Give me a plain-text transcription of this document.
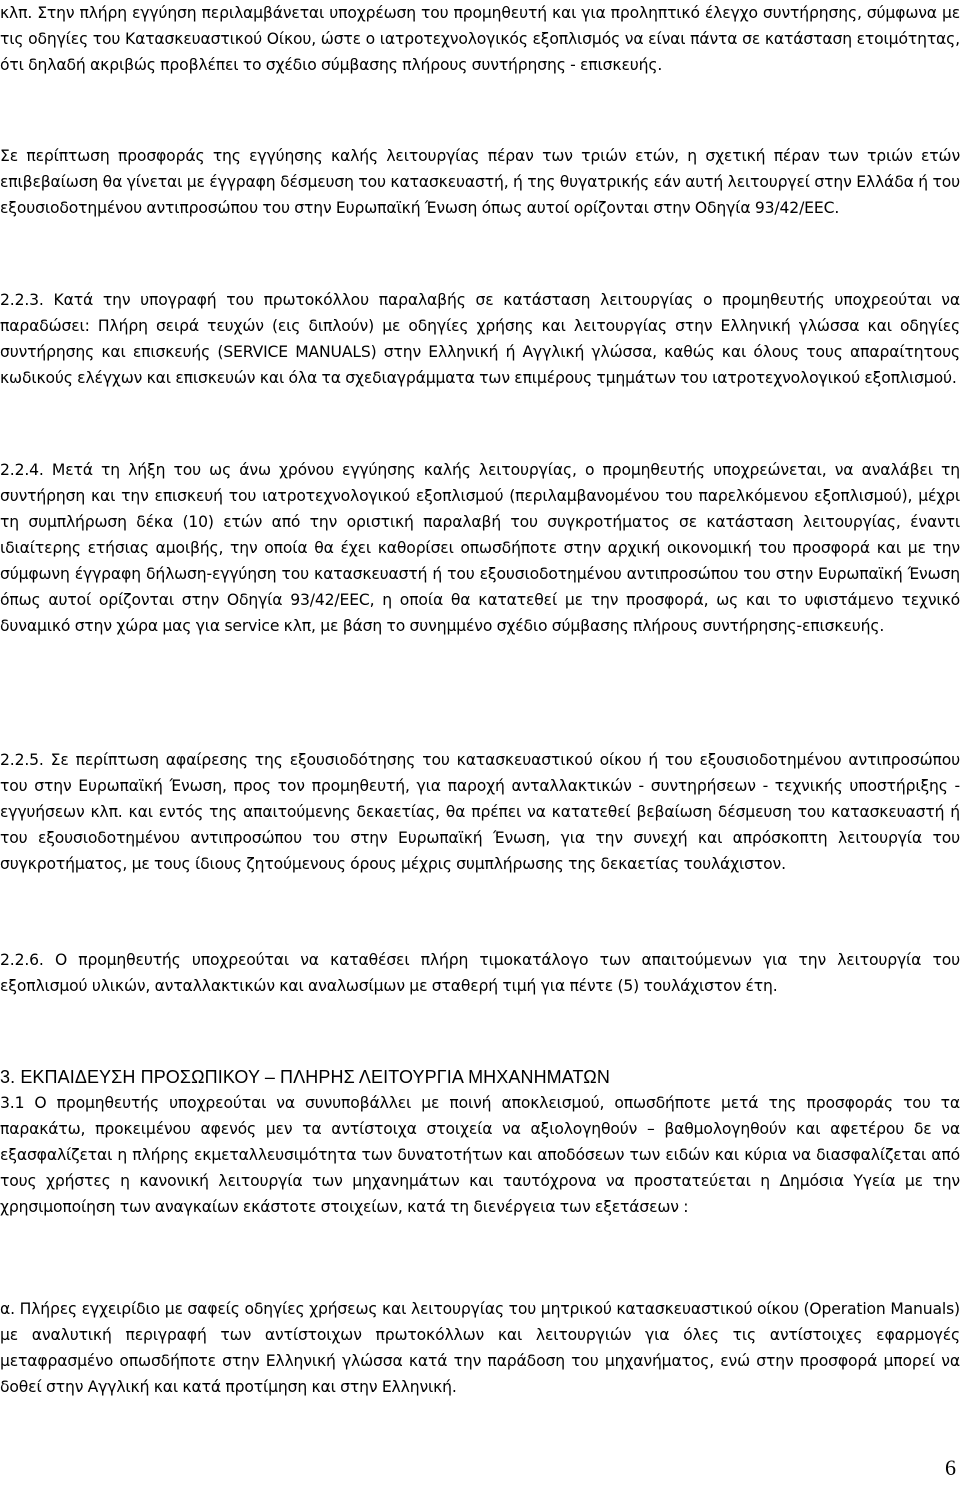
κλπ. Στην πλήρη εγγύηση περιλαμβάνεται υποχρέωση του προμηθευτή και για προληπτικό έλεγχο συντήρησης, σύμφωνα με τις οδηγίες του Κατασκευαστικού Οίκου, ώστε ο ιατροτεχνολογικός εξοπλισμός να είναι πάντα σε κατάσταση ετοιμότητας, ότι δηλαδή ακριβώς προβλέπει το σχέδιο σύμβασης πλήρους συντήρησης - επισκευής.

Σε περίπτωση προσφοράς της εγγύησης καλής λειτουργίας πέραν των τριών ετών, η σχετική πέραν των τριών ετών επιβεβαίωση θα γίνεται με έγγραφη δέσμευση του κατασκευαστή, ή της θυγατρικής εάν αυτή λειτουργεί στην Ελλάδα ή του εξουσιοδοτημένου αντιπροσώπου του στην Ευρωπαϊκή Ένωση όπως αυτοί ορίζονται στην Οδηγία 93/42/ΕΕC.

2.2.3. Κατά την υπογραφή του πρωτοκόλλου παραλαβής σε κατάσταση λειτουργίας ο προμηθευτής υποχρεούται να παραδώσει: Πλήρη σειρά τευχών (εις διπλούν) με οδηγίες χρήσης και λειτουργίας στην Ελληνική γλώσσα και οδηγίες συντήρησης και επισκευής (SERVICE MANUALS) στην Ελληνική ή Αγγλική γλώσσα, καθώς και όλους τους απαραίτητους κωδικούς ελέγχων και επισκευών και όλα τα σχεδιαγράμματα των επιμέρους τμημάτων του ιατροτεχνολογικού εξοπλισμού.

2.2.4. Μετά τη λήξη του ως άνω χρόνου εγγύησης καλής λειτουργίας, ο προμηθευτής υποχρεώνεται, να αναλάβει τη συντήρηση και την επισκευή του ιατροτεχνολογικού εξοπλισμού (περιλαμβανομένου του παρελκόμενου εξοπλισμού), μέχρι τη συμπλήρωση δέκα (10) ετών από την οριστική παραλαβή του συγκροτήματος σε κατάσταση λειτουργίας, έναντι ιδιαίτερης ετήσιας αμοιβής, την οποία θα έχει καθορίσει οπωσδήποτε στην αρχική οικονομική του προσφορά και με την σύμφωνη έγγραφη δήλωση-εγγύηση του κατασκευαστή ή του εξουσιοδοτημένου αντιπροσώπου του στην Ευρωπαϊκή Ένωση όπως αυτοί ορίζονται στην Οδηγία 93/42/ΕΕC, η οποία θα κατατεθεί με την προσφορά, ως και το υφιστάμενο τεχνικό δυναμικό στην χώρα μας για service κλπ, με βάση το συνημμένο σχέδιο σύμβασης πλήρους συντήρησης-επισκευής.

2.2.5. Σε περίπτωση αφαίρεσης της εξουσιοδότησης του κατασκευαστικού οίκου ή του εξουσιοδοτημένου αντιπροσώπου του στην Ευρωπαϊκή Ένωση, προς τον προμηθευτή, για παροχή ανταλλακτικών - συντηρήσεων - τεχνικής υποστήριξης - εγγυήσεων κλπ. και εντός της απαιτούμενης δεκαετίας, θα πρέπει να κατατεθεί βεβαίωση δέσμευση του κατασκευαστή ή του εξουσιοδοτημένου αντιπροσώπου του στην Ευρωπαϊκή Ένωση, για την συνεχή και απρόσκοπτη λειτουργία του συγκροτήματος, με τους ίδιους ζητούμενους όρους μέχρις συμπλήρωσης της δεκαετίας τουλάχιστον.

2.2.6. Ο προμηθευτής υποχρεούται να καταθέσει πλήρη τιμοκατάλογο των απαιτούμενων για την λειτουργία του εξοπλισμού υλικών, ανταλλακτικών και αναλωσίμων με σταθερή τιμή για πέντε (5) τουλάχιστον έτη.

3. ΕΚΠΑΙΔΕΥΣΗ ΠΡΟΣΩΠΙΚΟΥ – ΠΛΗΡΗΣ ΛΕΙΤΟΥΡΓΙΑ ΜΗΧΑΝΗΜΑΤΩΝ

3.1 Ο προμηθευτής υποχρεούται να συνυποβάλλει με ποινή αποκλεισμού, οπωσδήποτε μετά της προσφοράς του τα παρακάτω, προκειμένου αφενός μεν τα αντίστοιχα στοιχεία να αξιολογηθούν – βαθμολογηθούν και αφετέρου δε να εξασφαλίζεται η πλήρης εκμεταλλευσιμότητα των δυνατοτήτων και αποδόσεων των ειδών και κύρια να διασφαλίζεται από τους χρήστες η κανονική λειτουργία των μηχανημάτων και ταυτόχρονα να προστατεύεται η Δημόσια Υγεία με την χρησιμοποίηση των αναγκαίων εκάστοτε στοιχείων, κατά τη διενέργεια των εξετάσεων :

α. Πλήρες εγχειρίδιο με σαφείς οδηγίες χρήσεως και λειτουργίας του μητρικού κατασκευαστικού οίκου (Operation Manuals) με αναλυτική περιγραφή των αντίστοιχων πρωτοκόλλων και λειτουργιών για όλες τις αντίστοιχες εφαρμογές μεταφρασμένο οπωσδήποτε στην Ελληνική γλώσσα κατά την παράδοση του μηχανήματος, ενώ στην προσφορά μπορεί να δοθεί στην Αγγλική και κατά προτίμηση και στην Ελληνική.

6
